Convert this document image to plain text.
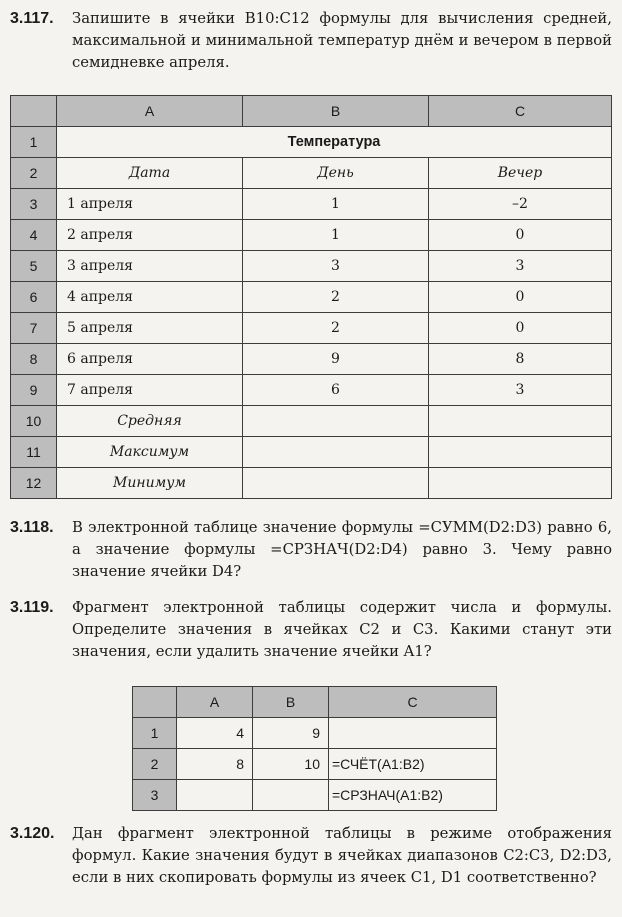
3.117. Запишите в ячейки B10:C12 формулы для вычисления средней, максимальной и минимальной температур днём и вечером в первой семидневке апреля.
	A	B	C
1	Температура		
2	Дата	День	Вечер
3	1 апреля	1	–2
4	2 апреля	1	0
5	3 апреля	3	3
6	4 апреля	2	0
7	5 апреля	2	0
8	6 апреля	9	8
9	7 апреля	6	3
10	Средняя		
11	Максимум		
12	Минимум		
3.118. В электронной таблице значение формулы =СУММ(D2:D3) равно 6, а значение формулы =СРЗНАЧ(D2:D4) равно 3. Чему равно значение ячейки D4?
3.119. Фрагмент электронной таблицы содержит числа и формулы. Определите значения в ячейках C2 и C3. Какими станут эти значения, если удалить значение ячейки A1?
	A	B	C
1	4	9	
2	8	10	=СЧЁТ(A1:B2)
3			=СРЗНАЧ(A1:B2)
3.120. Дан фрагмент электронной таблицы в режиме отображения формул. Какие значения будут в ячейках диапазонов C2:C3, D2:D3, если в них скопировать формулы из ячеек C1, D1 соответственно?
